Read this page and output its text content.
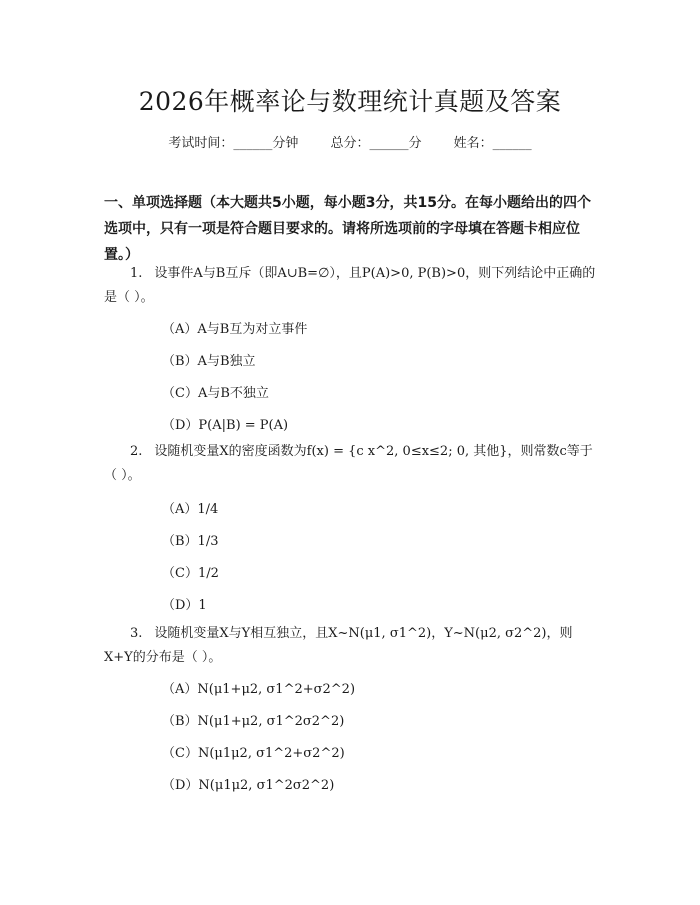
2026年概率论与数理统计真题及答案
考试时间：______分钟 总分：______分 姓名：______
一、单项选择题（本大题共5小题，每小题3分，共15分。在每小题给出的四个选项中，只有一项是符合题目要求的。请将所选项前的字母填在答题卡相应位置。）
1. 设事件A与B互斥（即A∪B=∅），且P(A)>0, P(B)>0，则下列结论中正确的是（ ）。
（A）A与B互为对立事件
（B）A与B独立
（C）A与B不独立
（D）P(A|B) = P(A)
2. 设随机变量X的密度函数为f(x) = {c x^2, 0≤x≤2; 0, 其他}，则常数c等于（ ）。
（A）1/4
（B）1/3
（C）1/2
（D）1
3. 设随机变量X与Y相互独立，且X~N(μ1, σ1^2)，Y~N(μ2, σ2^2)，则X+Y的分布是（ ）。
（A）N(μ1+μ2, σ1^2+σ2^2)
（B）N(μ1+μ2, σ1^2σ2^2)
（C）N(μ1μ2, σ1^2+σ2^2)
（D）N(μ1μ2, σ1^2σ2^2)
